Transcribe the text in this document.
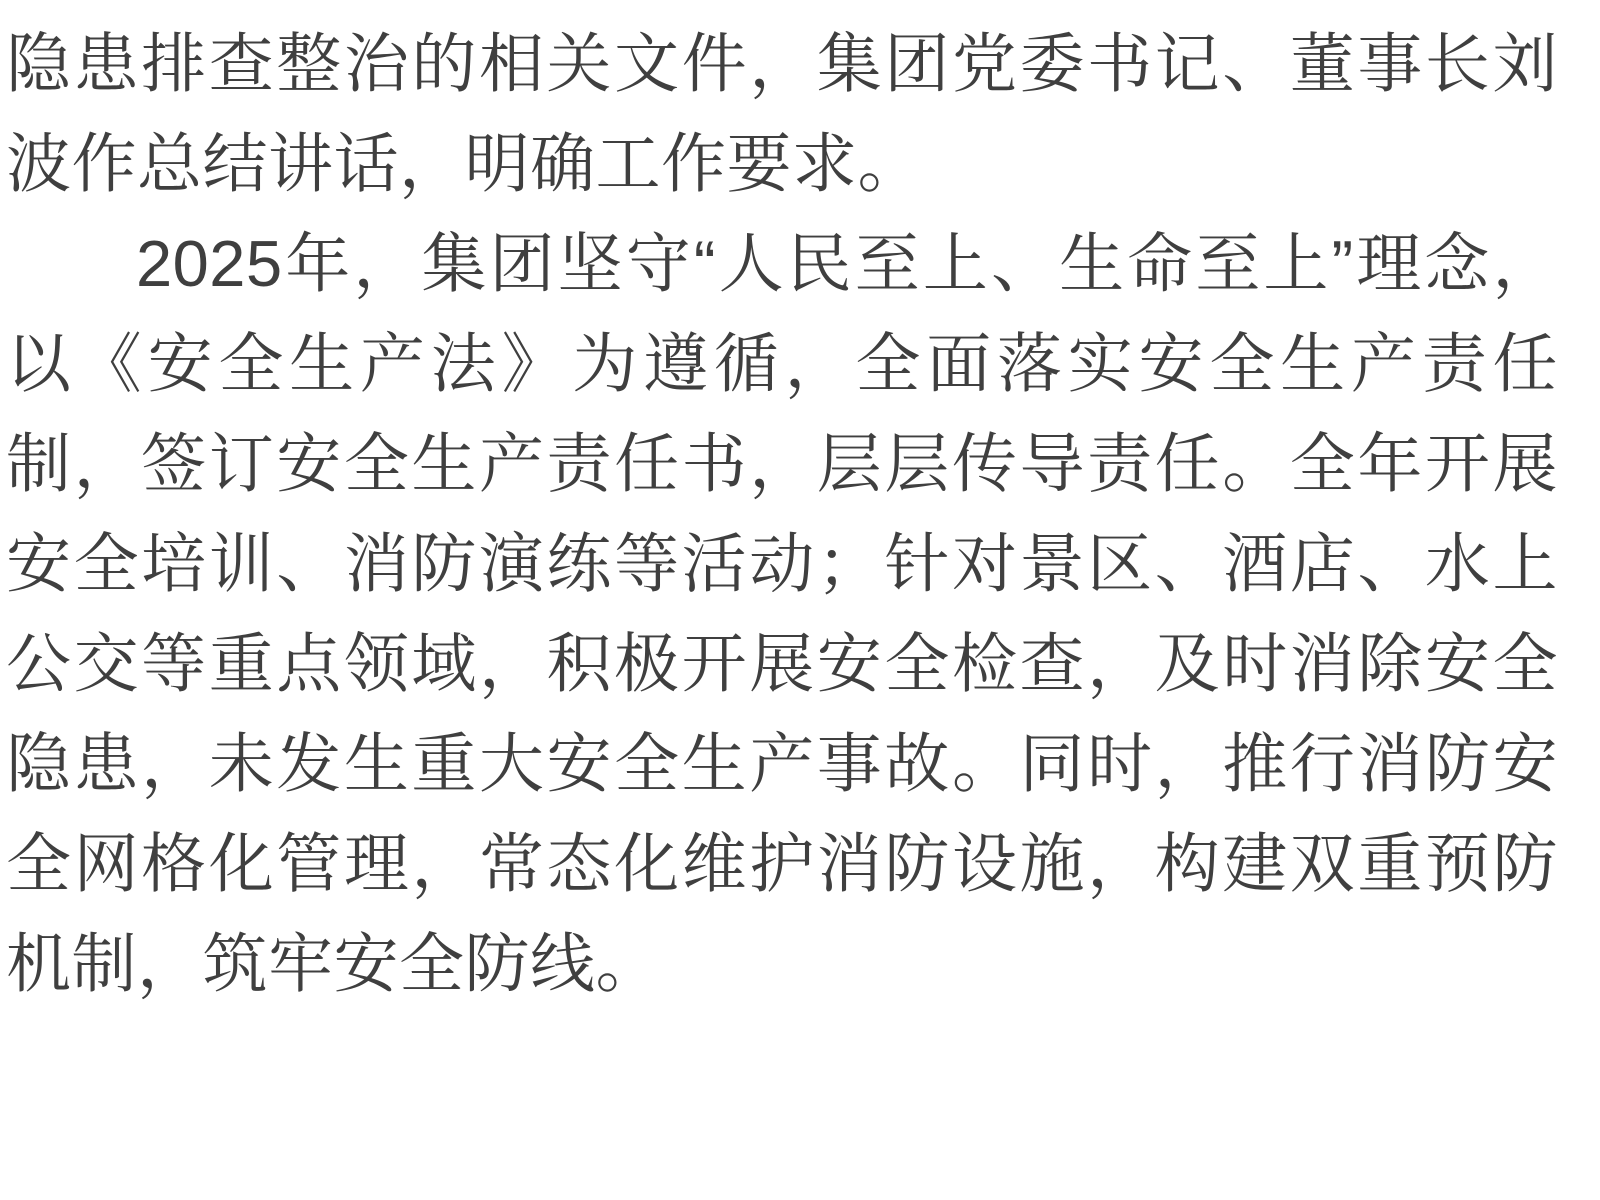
隐患排查整治的相关文件，集团党委书记、董事长刘波作总结讲话，明确工作要求。

2025年，集团坚守“人民至上、生命至上”理念，以《安全生产法》为遵循，全面落实安全生产责任制，签订安全生产责任书，层层传导责任。全年开展安全培训、消防演练等活动；针对景区、酒店、水上公交等重点领域，积极开展安全检查，及时消除安全隐患，未发生重大安全生产事故。同时，推行消防安全网格化管理，常态化维护消防设施，构建双重预防机制，筑牢安全防线。
